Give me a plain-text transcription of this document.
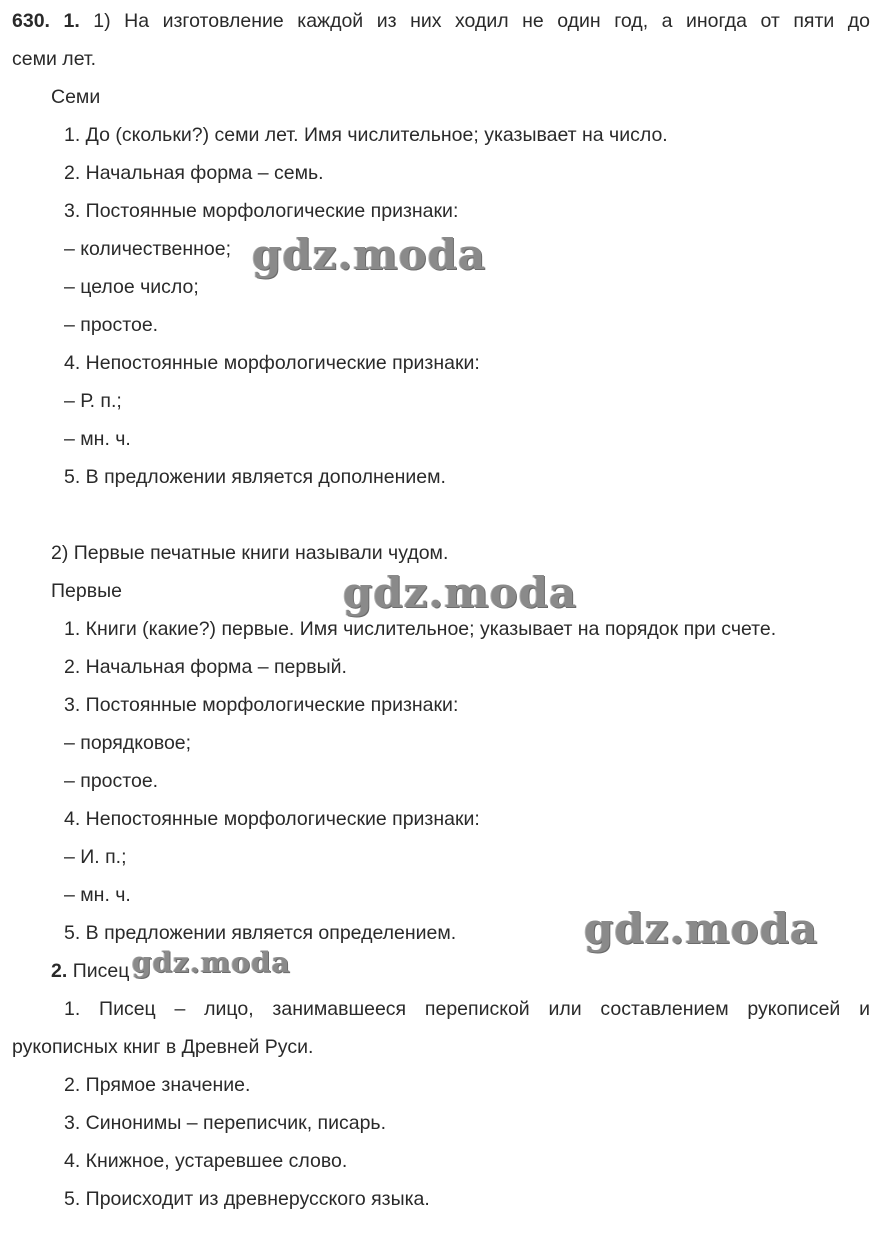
630. 1. 1) На изготовление каждой из них ходил не один год, а иногда от пяти до
семи лет.
Семи
1. До (скольки?) семи лет. Имя числительное; указывает на число.
2. Начальная форма – семь.
3. Постоянные морфологические признаки:
– количественное;
– целое число;
– простое.
4. Непостоянные морфологические признаки:
– Р. п.;
– мн. ч.
5. В предложении является дополнением.
2) Первые печатные книги называли чудом.
Первые
1. Книги (какие?) первые. Имя числительное; указывает на порядок при счете.
2. Начальная форма – первый.
3. Постоянные морфологические признаки:
– порядковое;
– простое.
4. Непостоянные морфологические признаки:
– И. п.;
– мн. ч.
5. В предложении является определением.
2. Писец
1. Писец – лицо, занимавшееся перепиской или составлением рукописей и
рукописных книг в Древней Руси.
2. Прямое значение.
3. Синонимы – переписчик, писарь.
4. Книжное, устаревшее слово.
5. Происходит из древнерусского языка.
gdz.moda
gdz.moda
gdz.moda
gdz.moda
